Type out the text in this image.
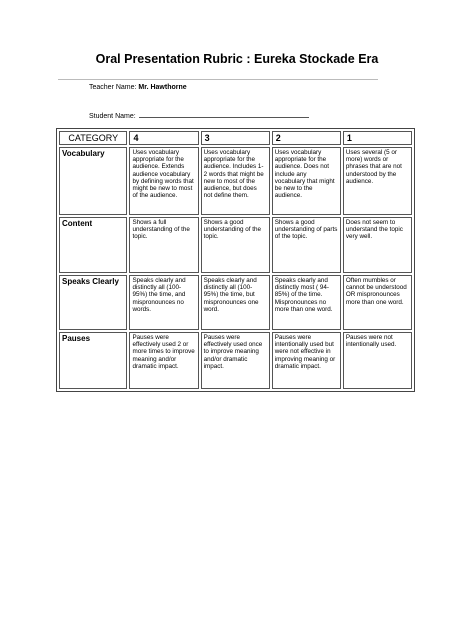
Oral Presentation Rubric : Eureka Stockade Era
Teacher Name: Mr. Hawthorne
Student Name:
CATEGORY	4	3	2	1
Vocabulary	Uses vocabulary appropriate for the audience. Extends audience vocabulary by defining words that might be new to most of the audience.	Uses vocabulary appropriate for the audience. Includes 1-2 words that might be new to most of the audience, but does not define them.	Uses vocabulary appropriate for the audience. Does not include any vocabulary that might be new to the audience.	Uses several (5 or more) words or phrases that are not understood by the audience.
Content	Shows a full understanding of the topic.	Shows a good understanding of the topic.	Shows a good understanding of parts of the topic.	Does not seem to understand the topic very well.
Speaks Clearly	Speaks clearly and distinctly all (100-95%) the time, and mispronounces no words.	Speaks clearly and distinctly all (100-95%) the time, but mispronounces one word.	Speaks clearly and distinctly most ( 94-85%) of the time. Mispronounces no more than one word.	Often mumbles or cannot be understood OR mispronounces more than one word.
Pauses	Pauses were effectively used 2 or more times to improve meaning and/or dramatic impact.	Pauses were effectively used once to improve meaning and/or dramatic impact.	Pauses were intentionally used but were not effective in improving meaning or dramatic impact.	Pauses were not intentionally used.
